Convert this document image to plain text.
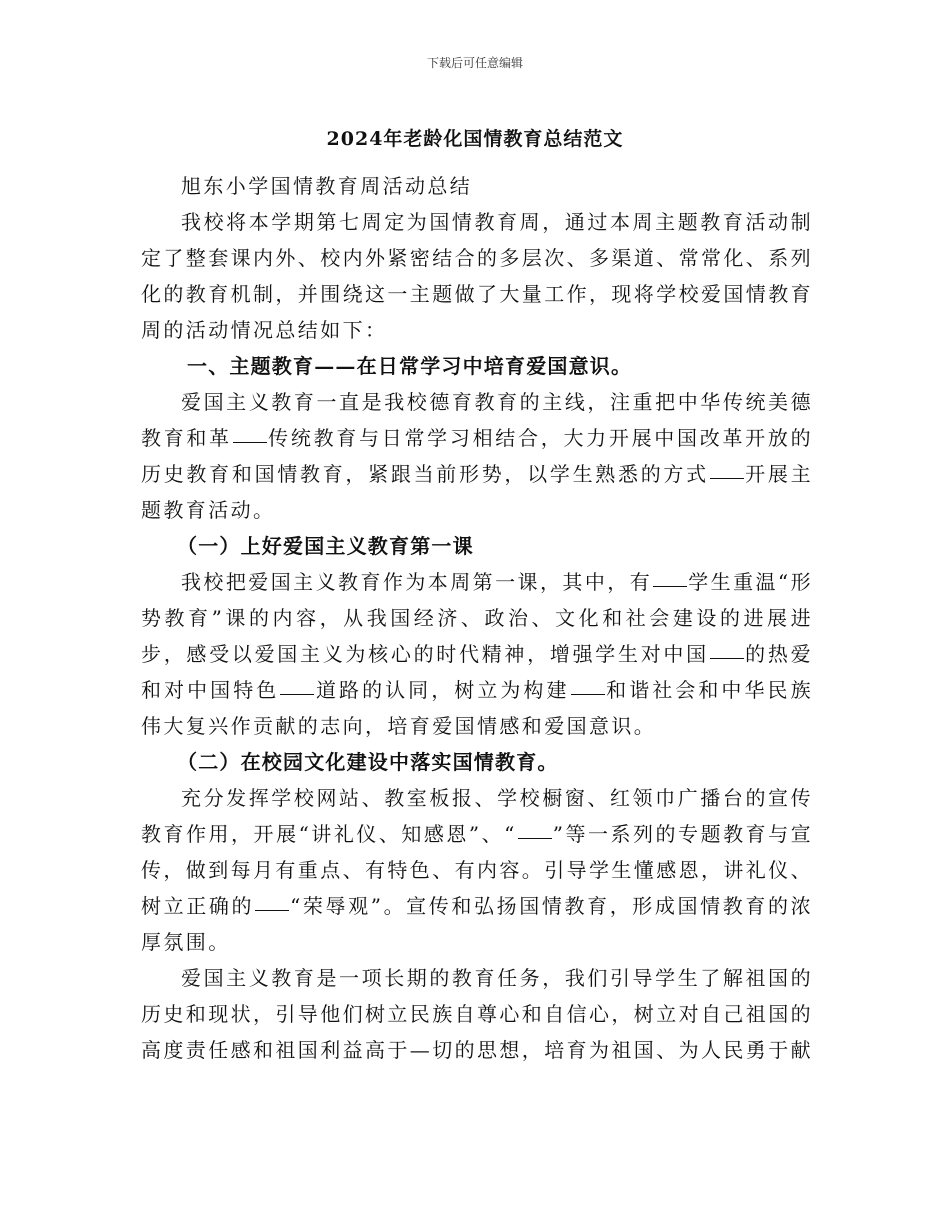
下载后可任意编辑
2024年老龄化国情教育总结范文

旭东小学国情教育周活动总结

我校将本学期第七周定为国情教育周，通过本周主题教育活动制定了整套课内外、校内外紧密结合的多层次、多渠道、常常化、系列化的教育机制，并围绕这一主题做了大量工作，现将学校爱国情教育周的活动情况总结如下：

一、主题教育——在日常学习中培育爱国意识。

爱国主义教育一直是我校德育教育的主线，注重把中华传统美德教育和革 传统教育与日常学习相结合，大力开展中国改革开放的历史教育和国情教育，紧跟当前形势，以学生熟悉的方式 开展主题教育活动。

（一）上好爱国主义教育第一课

我校把爱国主义教育作为本周第一课，其中，有 学生重温“形势教育”课的内容，从我国经济、政治、文化和社会建设的进展进步，感受以爱国主义为核心的时代精神，增强学生对中国 的热爱和对中国特色 道路的认同，树立为构建 和谐社会和中华民族伟大复兴作贡献的志向，培育爱国情感和爱国意识。

（二）在校园文化建设中落实国情教育。

充分发挥学校网站、教室板报、学校橱窗、红领巾广播台的宣传教育作用，开展“讲礼仪、知感恩”、“ ”等一系列的专题教育与宣传，做到每月有重点、有特色、有内容。引导学生懂感恩，讲礼仪、树立正确的 “荣辱观”。宣传和弘扬国情教育，形成国情教育的浓厚氛围。

爱国主义教育是一项长期的教育任务，我们引导学生了解祖国的历史和现状，引导他们树立民族自尊心和自信心，树立对自己祖国的高度责任感和祖国利益高于—切的思想，培育为祖国、为人民勇于献
